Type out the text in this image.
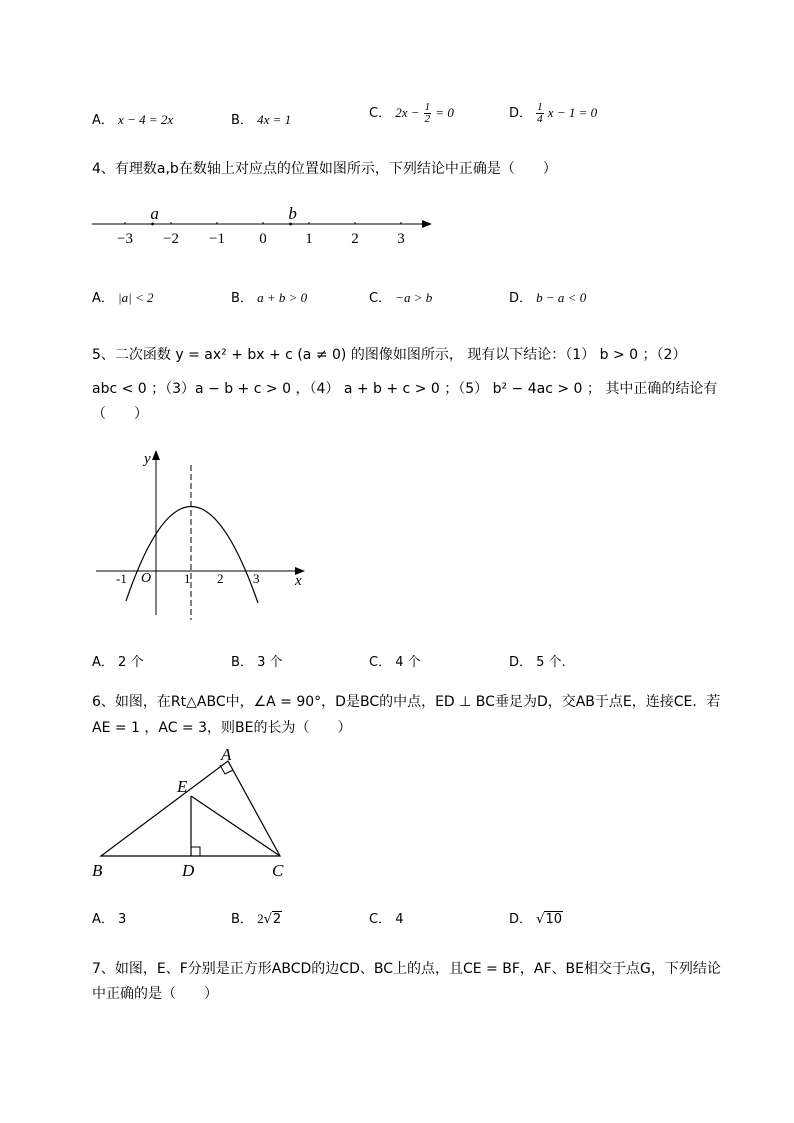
A． x − 4 = 2x	B． 4x = 1	C． $2x - \frac{1}{2} = 0$	D． $\frac{1}{4}$ x − 1 = 0
4、有理数a,b在数轴上对应点的位置如图所示，下列结论中正确是（　　）
−3 −2 −1 0	1	2	3
a	b
A． |a| < 2	B． a + b > 0	C． −a > b	D． b − a < 0
5、二次函数 y = ax² + bx + c (a ≠ 0) 的图像如图所示， 现有以下结论：（1） b > 0 ；（2）
abc < 0 ；（3）a − b + c > 0 ，（4） a + b + c > 0 ；（5） b² − 4ac > 0 ； 其中正确的结论有
（　　）
y
x
O
-1	1 2 3
A． 2 个	B． 3 个	C． 4 个	D． 5 个.
6、如图，在Rt△ABC中，∠A = 90°，D是BC的中点，ED ⊥ BC垂足为D，交AB于点E，连接CE．若
AE = 1 ，AC = 3，则BE的长为（　　）
A
B	C
D
E
A． 3	B． 2√2	C． 4	D． √10
7、如图，E、F分别是正方形ABCD的边CD、BC上的点，且CE = BF，AF、BE相交于点G，下列结论
中正确的是（　　）
